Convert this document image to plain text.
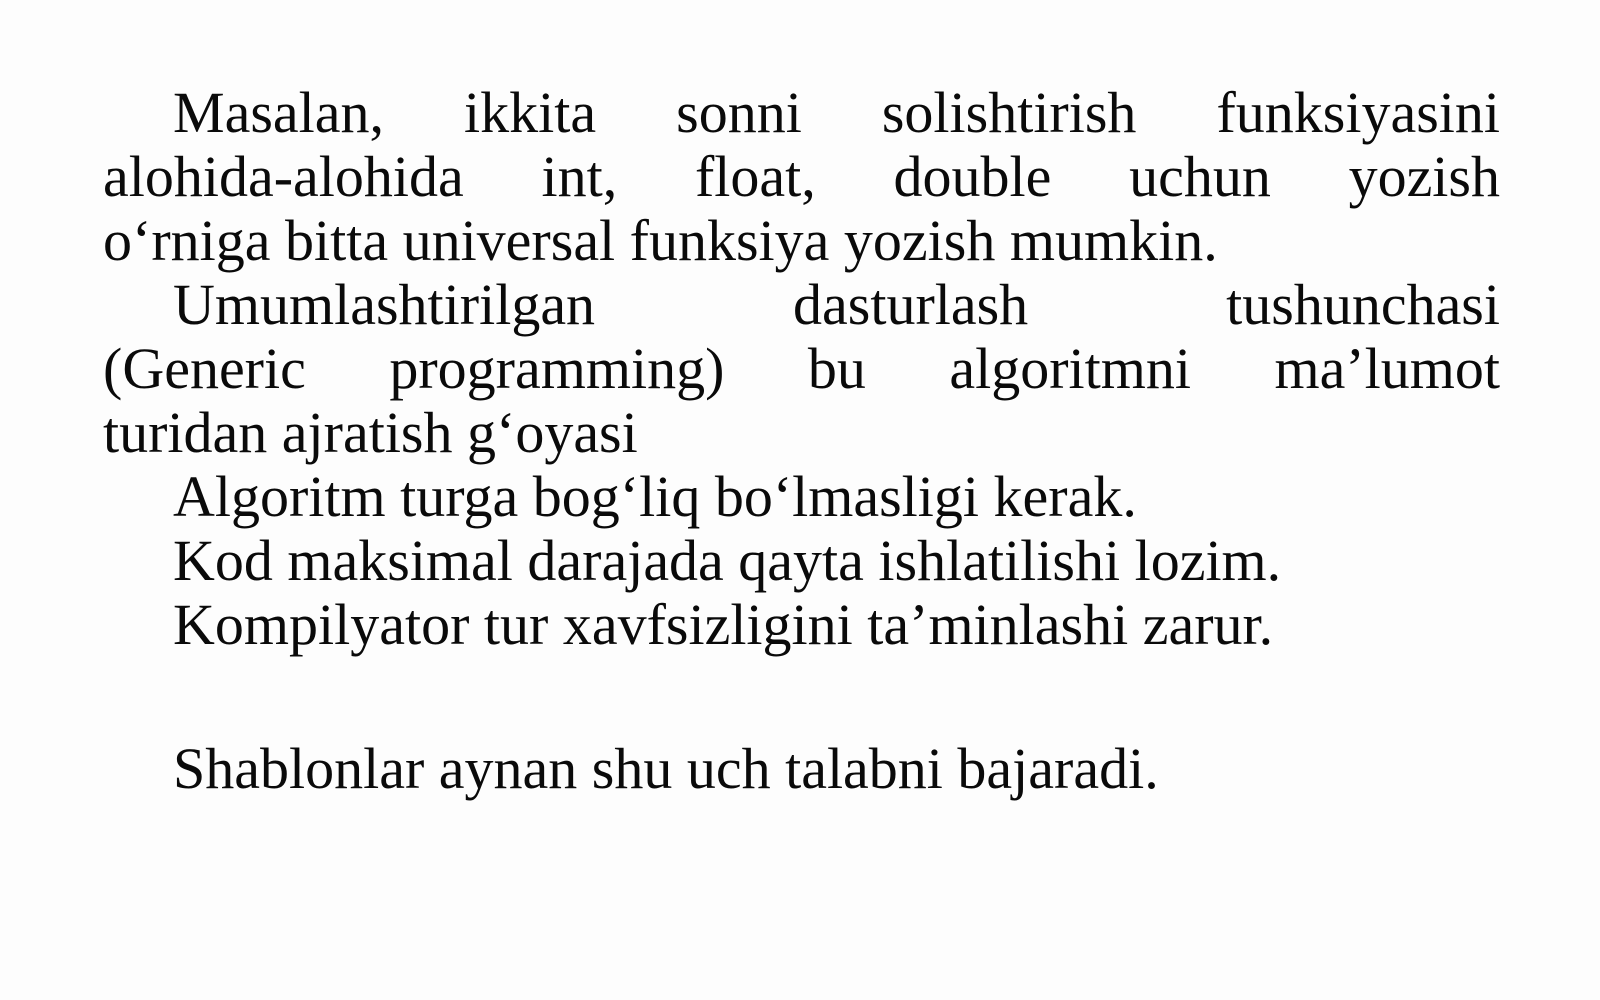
Masalan, ikkita sonni solishtirish funksiyasini
alohida-alohida int, float, double uchun yozish
o‘rniga bitta universal funksiya yozish mumkin.
Umumlashtirilgan dasturlash tushunchasi
(Generic programming) bu algoritmni ma’lumot
turidan ajratish g‘oyasi
Algoritm turga bog‘liq bo‘lmasligi kerak.
Kod maksimal darajada qayta ishlatilishi lozim.
Kompilyator tur xavfsizligini ta’minlashi zarur.
Shablonlar aynan shu uch talabni bajaradi.
